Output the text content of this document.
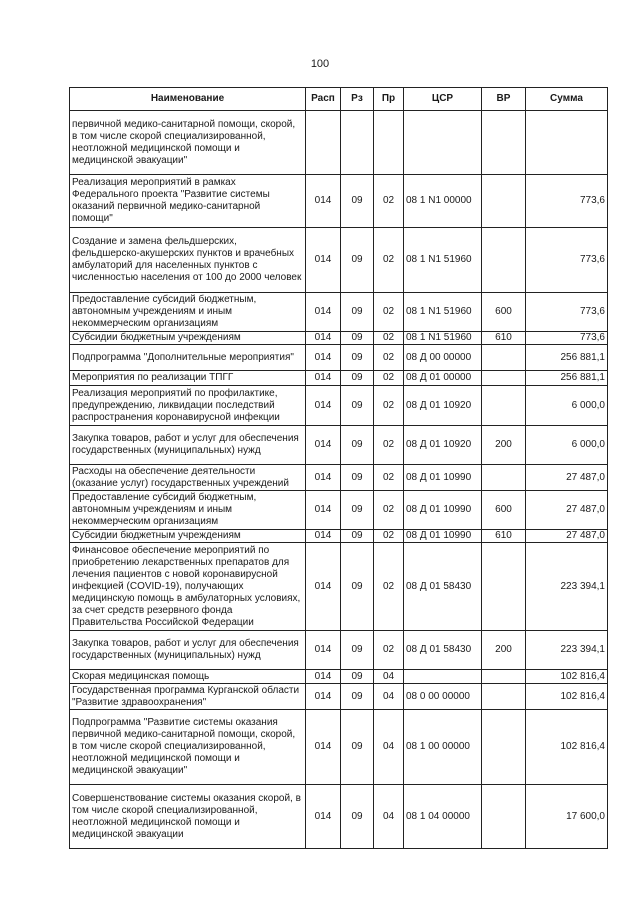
100
Наименование	Расп	Рз	Пр	ЦСР	ВР	Сумма
первичной медико-санитарной помощи, скорой, в том числе скорой специализированной, неотложной медицинской помощи и медицинской эвакуации"						
Реализация мероприятий в рамках Федерального проекта "Развитие системы оказаний первичной медико-санитарной помощи"	014	09	02	08 1 N1 00000		773,6
Создание и замена фельдшерских, фельдшерско-акушерских пунктов и врачебных амбулаторий для населенных пунктов с численностью населения от 100 до 2000 человек	014	09	02	08 1 N1 51960		773,6
Предоставление субсидий бюджетным, автономным учреждениям и иным некоммерческим организациям	014	09	02	08 1 N1 51960	600	773,6
Субсидии бюджетным учреждениям	014	09	02	08 1 N1 51960	610	773,6
Подпрограмма "Дополнительные мероприятия"	014	09	02	08 Д 00 00000		256 881,1
Мероприятия по реализации ТПГГ	014	09	02	08 Д 01 00000		256 881,1
Реализация мероприятий по профилактике, предупреждению, ликвидации последствий распространения коронавирусной инфекции	014	09	02	08 Д 01 10920		6 000,0
Закупка товаров, работ и услуг для обеспечения государственных (муниципальных) нужд	014	09	02	08 Д 01 10920	200	6 000,0
Расходы на обеспечение деятельности (оказание услуг) государственных учреждений	014	09	02	08 Д 01 10990		27 487,0
Предоставление субсидий бюджетным, автономным учреждениям и иным некоммерческим организациям	014	09	02	08 Д 01 10990	600	27 487,0
Субсидии бюджетным учреждениям	014	09	02	08 Д 01 10990	610	27 487,0
Финансовое обеспечение мероприятий по приобретению лекарственных препаратов для лечения пациентов с новой коронавирусной инфекцией (COVID-19), получающих медицинскую помощь в амбулаторных условиях, за счет средств резервного фонда Правительства Российской Федерации	014	09	02	08 Д 01 58430		223 394,1
Закупка товаров, работ и услуг для обеспечения государственных (муниципальных) нужд	014	09	02	08 Д 01 58430	200	223 394,1
Скорая медицинская помощь	014	09	04			102 816,4
Государственная программа Курганской области "Развитие здравоохранения"	014	09	04	08 0 00 00000		102 816,4
Подпрограмма "Развитие системы оказания первичной медико-санитарной помощи, скорой, в том числе скорой специализированной, неотложной медицинской помощи и медицинской эвакуации"	014	09	04	08 1 00 00000		102 816,4
Совершенствование системы оказания скорой, в том числе скорой специализированной, неотложной медицинской помощи и медицинской эвакуации	014	09	04	08 1 04 00000		17 600,0
